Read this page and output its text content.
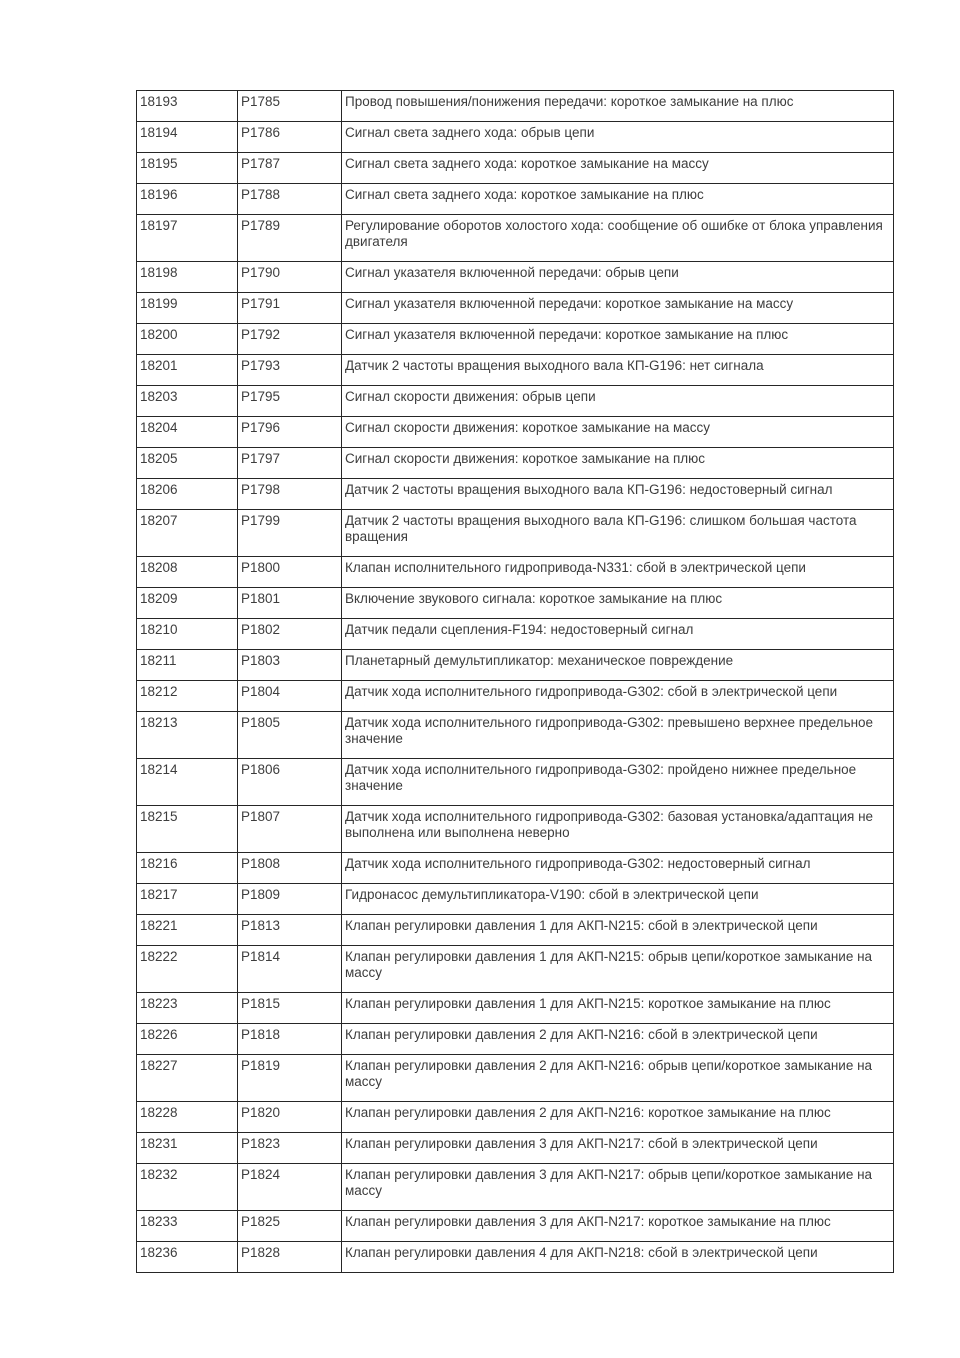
18193	P1785	Провод повышения/понижения передачи: короткое замыкание на плюс
18194	P1786	Сигнал света заднего хода: обрыв цепи
18195	P1787	Сигнал света заднего хода: короткое замыкание на массу
18196	P1788	Сигнал света заднего хода: короткое замыкание на плюс
18197	P1789	Регулирование оборотов холостого хода: сообщение об ошибке от блока управления двигателя
18198	P1790	Сигнал указателя включенной передачи: обрыв цепи
18199	P1791	Сигнал указателя включенной передачи: короткое замыкание на массу
18200	P1792	Сигнал указателя включенной передачи: короткое замыкание на плюс
18201	P1793	Датчик 2 частоты вращения выходного вала КП-G196: нет сигнала
18203	P1795	Сигнал скорости движения: обрыв цепи
18204	P1796	Сигнал скорости движения: короткое замыкание на массу
18205	P1797	Сигнал скорости движения: короткое замыкание на плюс
18206	P1798	Датчик 2 частоты вращения выходного вала КП-G196: недостоверный сигнал
18207	P1799	Датчик 2 частоты вращения выходного вала КП-G196: слишком большая частота вращения
18208	P1800	Клапан исполнительного гидропривода-N331: сбой в электрической цепи
18209	P1801	Включение звукового сигнала: короткое замыкание на плюс
18210	P1802	Датчик педали сцепления-F194: недостоверный сигнал
18211	P1803	Планетарный демультипликатор: механическое повреждение
18212	P1804	Датчик хода исполнительного гидропривода-G302: сбой в электрической цепи
18213	P1805	Датчик хода исполнительного гидропривода-G302: превышено верхнее предельное значение
18214	P1806	Датчик хода исполнительного гидропривода-G302: пройдено нижнее предельное значение
18215	P1807	Датчик хода исполнительного гидропривода-G302: базовая установка/адаптация не выполнена или выполнена неверно
18216	P1808	Датчик хода исполнительного гидропривода-G302: недостоверный сигнал
18217	P1809	Гидронасос демультипликатора-V190: сбой в электрической цепи
18221	P1813	Клапан регулировки давления 1 для АКП-N215: сбой в электрической цепи
18222	P1814	Клапан регулировки давления 1 для АКП-N215: обрыв цепи/короткое замыкание на массу
18223	P1815	Клапан регулировки давления 1 для АКП-N215: короткое замыкание на плюс
18226	P1818	Клапан регулировки давления 2 для АКП-N216: сбой в электрической цепи
18227	P1819	Клапан регулировки давления 2 для АКП-N216: обрыв цепи/короткое замыкание на массу
18228	P1820	Клапан регулировки давления 2 для АКП-N216: короткое замыкание на плюс
18231	P1823	Клапан регулировки давления 3 для АКП-N217: сбой в электрической цепи
18232	P1824	Клапан регулировки давления 3 для АКП-N217: обрыв цепи/короткое замыкание на массу
18233	P1825	Клапан регулировки давления 3 для АКП-N217: короткое замыкание на плюс
18236	P1828	Клапан регулировки давления 4 для АКП-N218: сбой в электрической цепи
